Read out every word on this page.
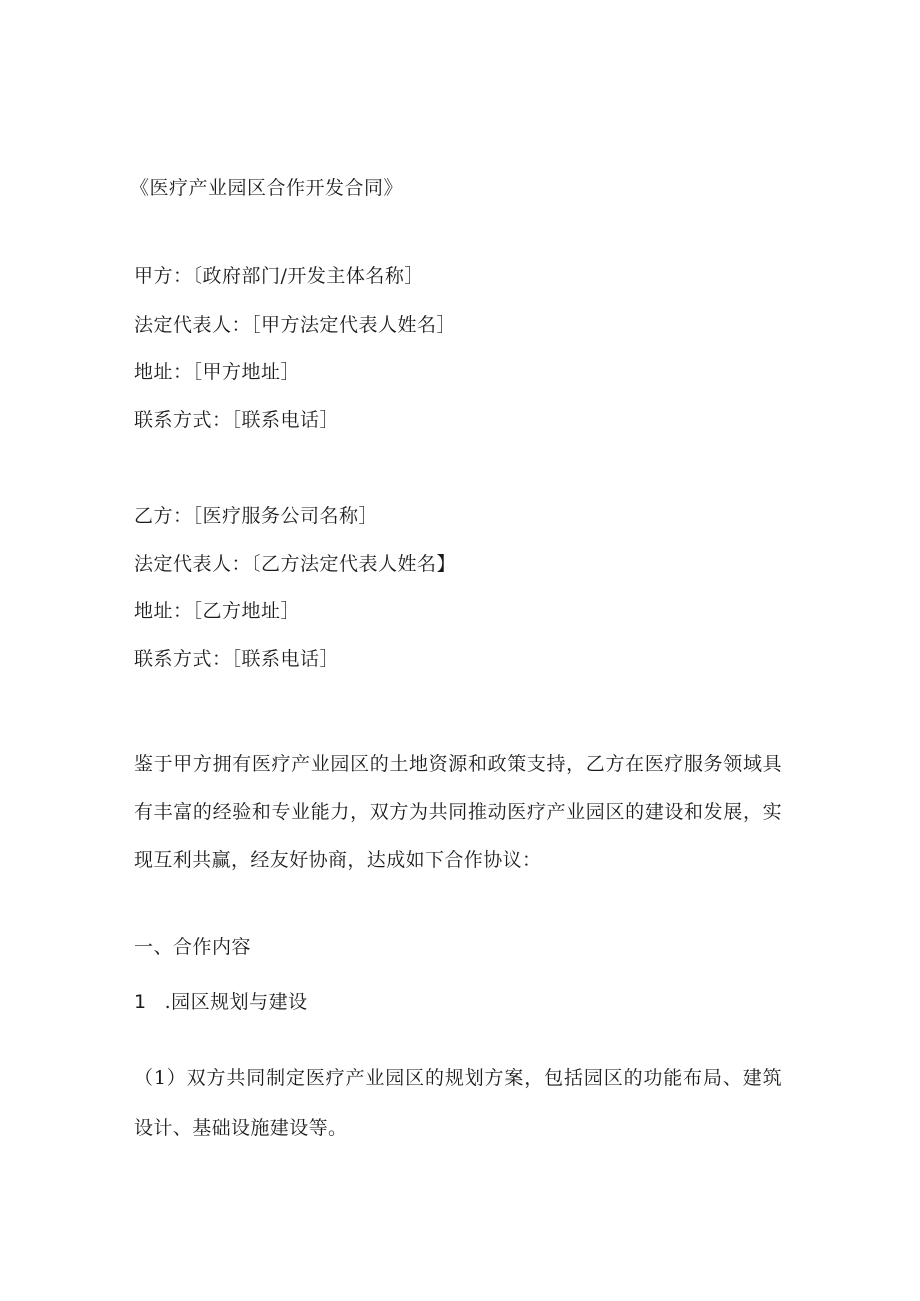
《医疗产业园区合作开发合同》
甲方：〔政府部门/开发主体名称］
法定代表人：［甲方法定代表人姓名］
地址：［甲方地址］
联系方式：［联系电话］
乙方：［医疗服务公司名称］
法定代表人：〔乙方法定代表人姓名】
地址：［乙方地址］
联系方式：［联系电话］
鉴于甲方拥有医疗产业园区的土地资源和政策支持，乙方在医疗服务领域具有丰富的经验和专业能力，双方为共同推动医疗产业园区的建设和发展，实现互利共赢，经友好协商，达成如下合作协议：
一、合作内容
1 .园区规划与建设
（1）双方共同制定医疗产业园区的规划方案，包括园区的功能布局、建筑设计、基础设施建设等。
